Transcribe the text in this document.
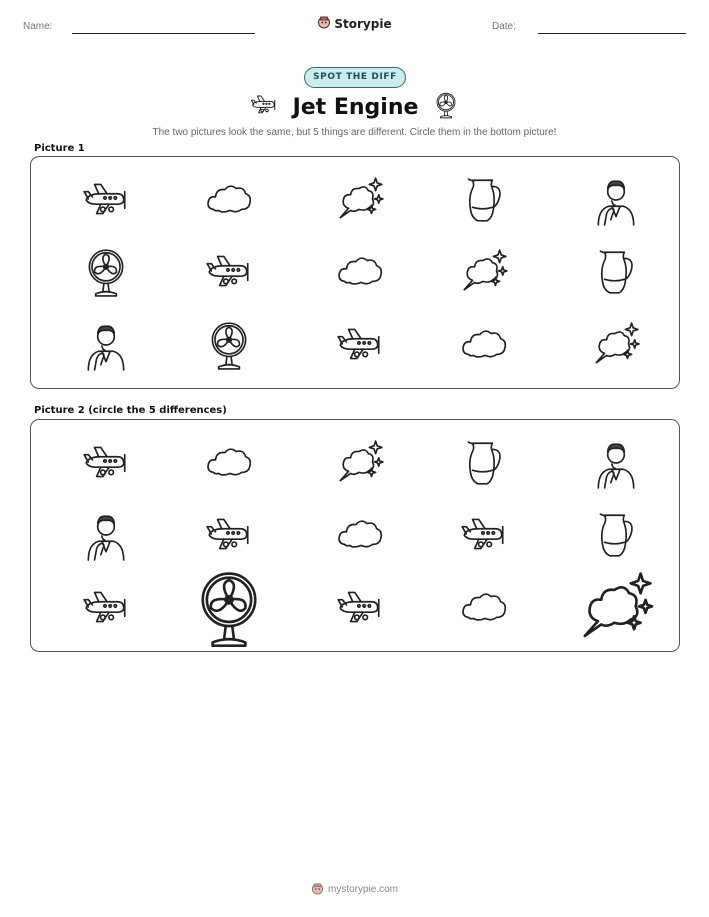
Name:	Storypie	Date:
SPOT THE DIFF
Jet Engine
The two pictures look the same, but 5 things are different. Circle them in the bottom picture!
Picture 1
Picture 2 (circle the 5 differences)
mystorypie.com
